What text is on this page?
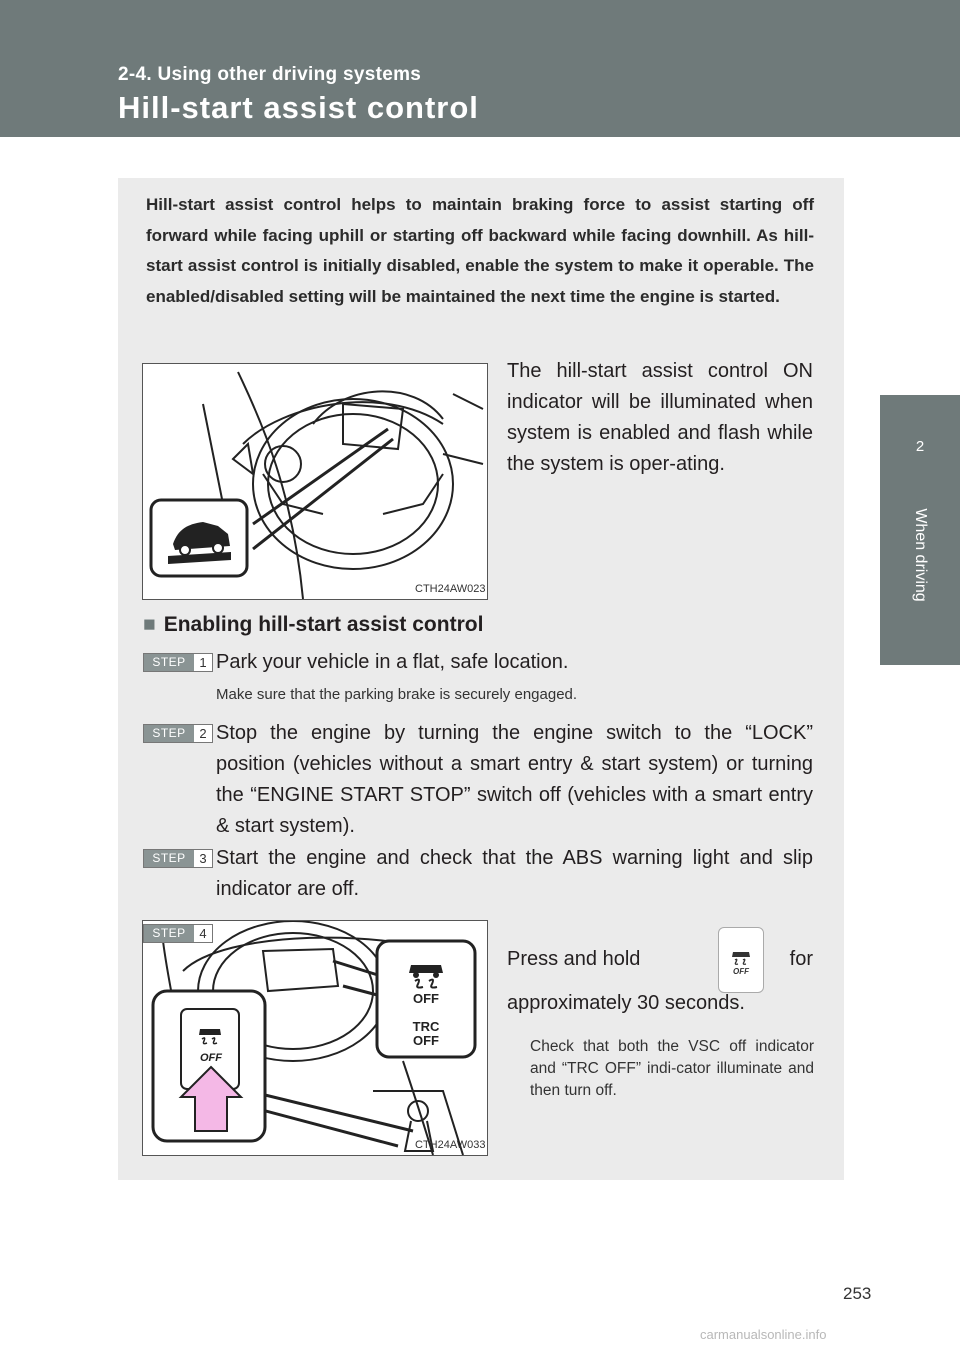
2-4. Using other driving systems
Hill-start assist control
2
When driving

Hill-start assist control helps to maintain braking force to assist starting off forward while facing uphill or starting off backward while facing downhill. As hill-start assist control is initially disabled, enable the system to make it operable. The enabled/disabled setting will be maintained the next time the engine is started.

CTH24AW023

The hill-start assist control ON indicator will be illuminated when system is enabled and flash while the system is oper-ating.

■ Enabling hill-start assist control
STEP	1 Park your vehicle in a flat, safe location.

Make sure that the parking brake is securely engaged.

STEP	2 Stop the engine by turning the engine switch to the “LOCK” position (vehicles without a smart entry & start system) or turning the “ENGINE START STOP” switch off (vehicles with a smart entry & start system).

STEP	3 Start the engine and check that the ABS warning light and slip indicator are off.

OFF
TRC
OFF
OFF
STEP	4
CTH24AW033

Press and hold	for

OFF

approximately 30 seconds.

Check that both the VSC off indicator and “TRC OFF” indi-cator illuminate and then turn off.

253
carmanualsonline.info
